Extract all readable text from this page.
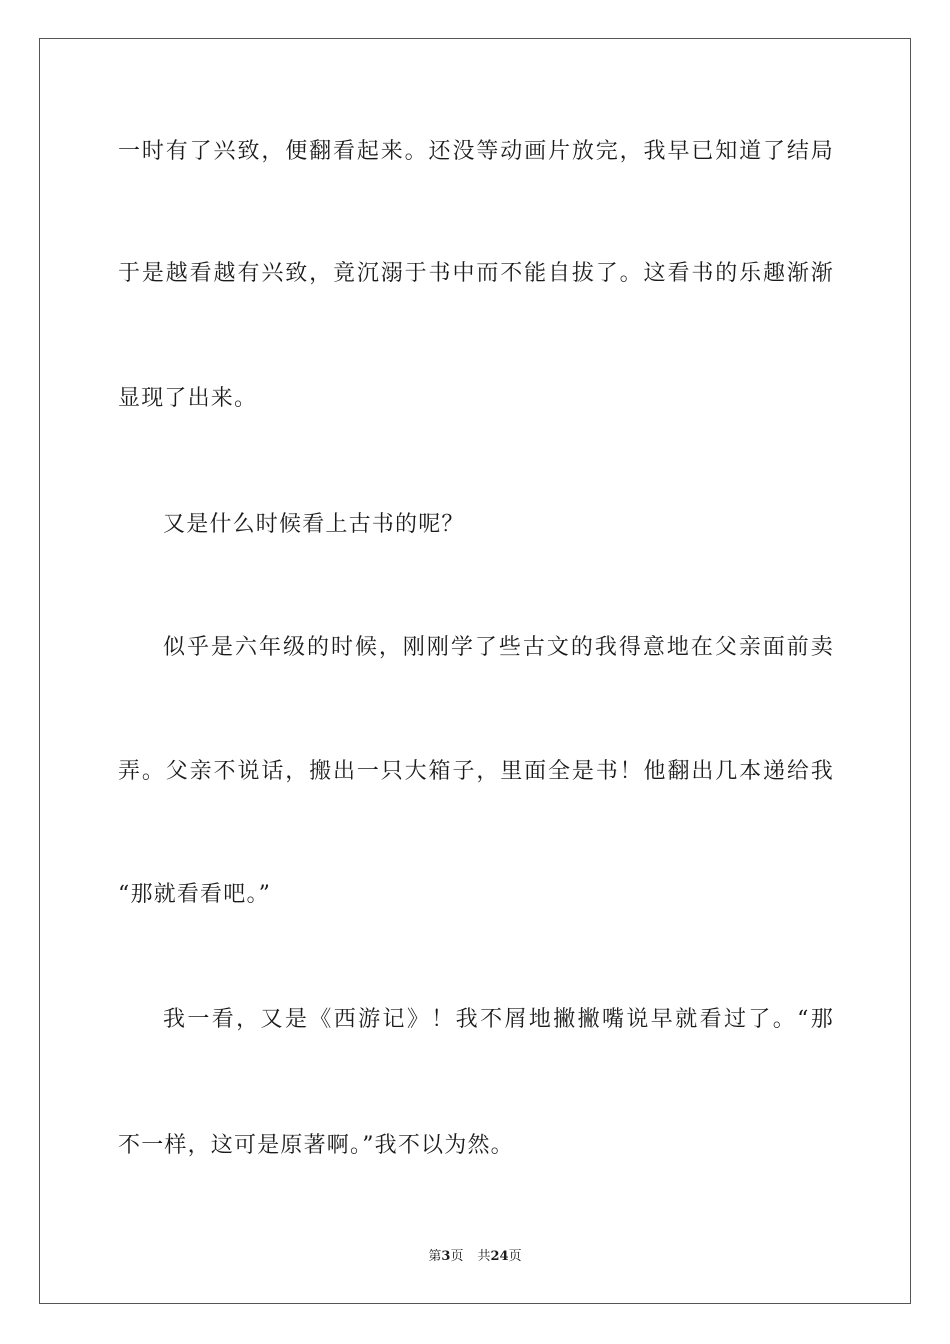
一时有了兴致，便翻看起来。还没等动画片放完，我早已知道了结局
于是越看越有兴致，竟沉溺于书中而不能自拔了。这看书的乐趣渐渐
显现了出来。
又是什么时候看上古书的呢？
似乎是六年级的时候，刚刚学了些古文的我得意地在父亲面前卖
弄。父亲不说话，搬出一只大箱子，里面全是书！他翻出几本递给我
“那就看看吧。”
我一看，又是《西游记》！我不屑地撇撇嘴说早就看过了。“那
不一样，这可是原著啊。”我不以为然。
第3页 共24页
